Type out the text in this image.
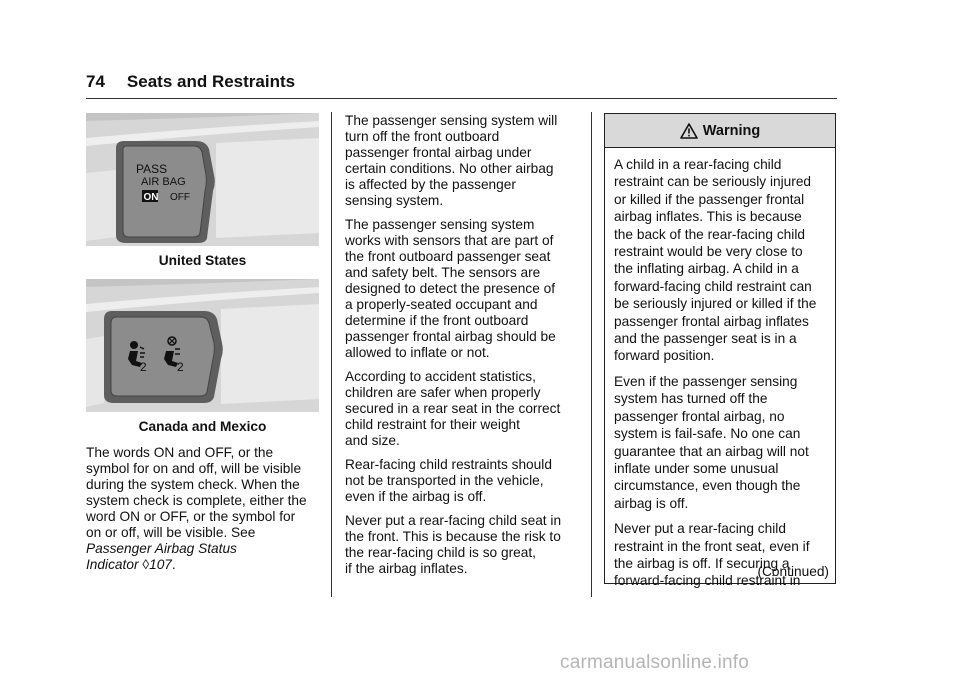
74 Seats and Restraints
PASS
AIR BAG
ON OFF
United States
2	2
Canada and Mexico

The words ON and OFF, or the
symbol for on and off, will be visible
during the system check. When the
system check is complete, either the
word ON or OFF, or the symbol for
on or off, will be visible. See
Passenger Airbag Status
Indicator ◊107.

The passenger sensing system will
turn off the front outboard
passenger frontal airbag under
certain conditions. No other airbag
is affected by the passenger
sensing system.

The passenger sensing system
works with sensors that are part of
the front outboard passenger seat
and safety belt. The sensors are
designed to detect the presence of
a properly-seated occupant and
determine if the front outboard
passenger frontal airbag should be
allowed to inflate or not.

According to accident statistics,
children are safer when properly
secured in a rear seat in the correct
child restraint for their weight
and size.

Rear-facing child restraints should
not be transported in the vehicle,
even if the airbag is off.

Never put a rear-facing child seat in
the front. This is because the risk to
the rear-facing child is so great,
if the airbag inflates.

Warning

A child in a rear-facing child
restraint can be seriously injured
or killed if the passenger frontal
airbag inflates. This is because
the back of the rear-facing child
restraint would be very close to
the inflating airbag. A child in a
forward-facing child restraint can
be seriously injured or killed if the
passenger frontal airbag inflates
and the passenger seat is in a
forward position.

Even if the passenger sensing
system has turned off the
passenger frontal airbag, no
system is fail-safe. No one can
guarantee that an airbag will not
inflate under some unusual
circumstance, even though the
airbag is off.

Never put a rear-facing child
restraint in the front seat, even if
the airbag is off. If securing a
forward-facing child restraint in

(Continued)
carmanualsonline.info
